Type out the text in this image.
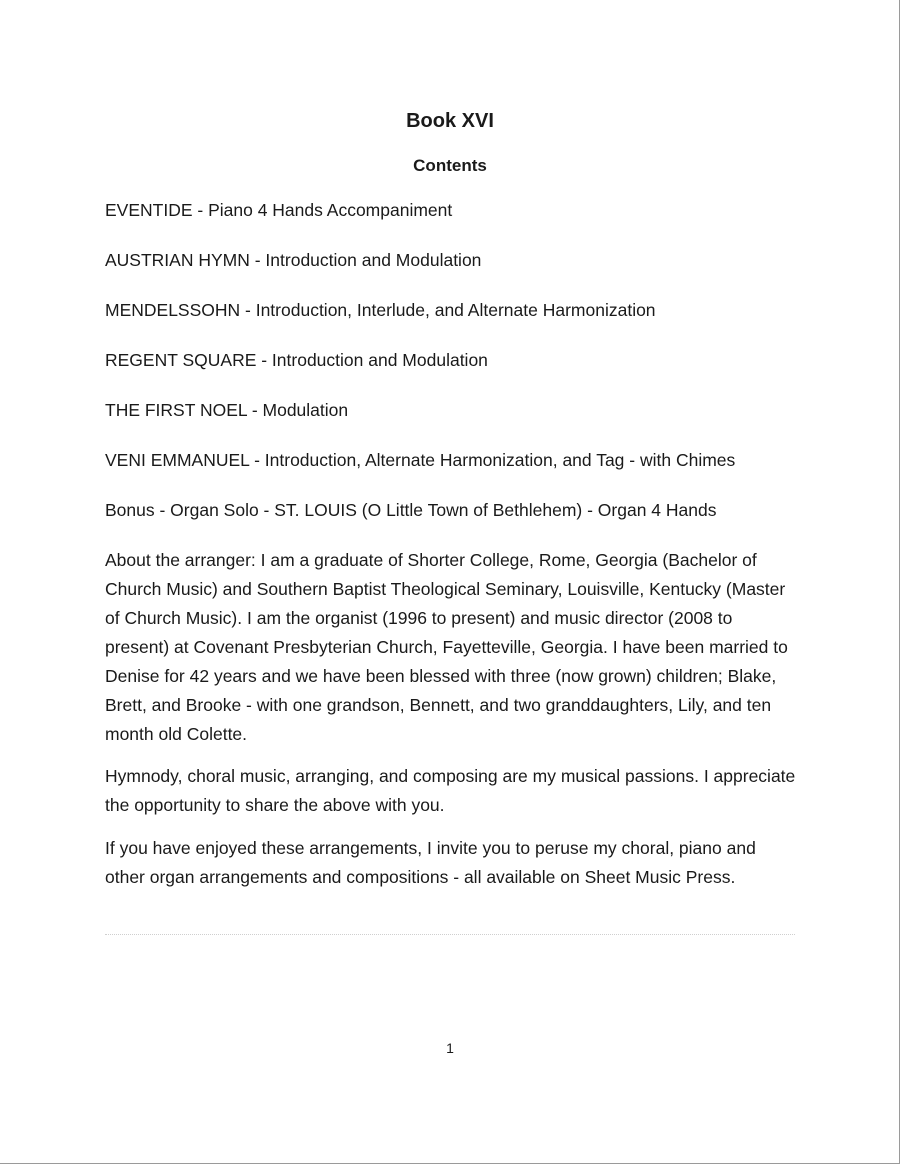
Book XVI
Contents
EVENTIDE - Piano 4 Hands Accompaniment
AUSTRIAN HYMN - Introduction and Modulation
MENDELSSOHN - Introduction, Interlude, and Alternate Harmonization
REGENT SQUARE - Introduction and Modulation
THE FIRST NOEL - Modulation
VENI EMMANUEL - Introduction, Alternate Harmonization, and Tag - with Chimes
Bonus - Organ Solo - ST. LOUIS (O Little Town of Bethlehem) - Organ 4 Hands

About the arranger: I am a graduate of Shorter College, Rome, Georgia (Bachelor of Church Music) and Southern Baptist Theological Seminary, Louisville, Kentucky (Master of Church Music). I am the organist (1996 to present) and music director (2008 to present) at Covenant Presbyterian Church, Fayetteville, Georgia. I have been married to Denise for 42 years and we have been blessed with three (now grown) children; Blake, Brett, and Brooke - with one grandson, Bennett, and two granddaughters, Lily, and ten month old Colette.

Hymnody, choral music, arranging, and composing are my musical passions. I appreciate the opportunity to share the above with you.

If you have enjoyed these arrangements, I invite you to peruse my choral, piano and other organ arrangements and compositions - all available on Sheet Music Press.

1
